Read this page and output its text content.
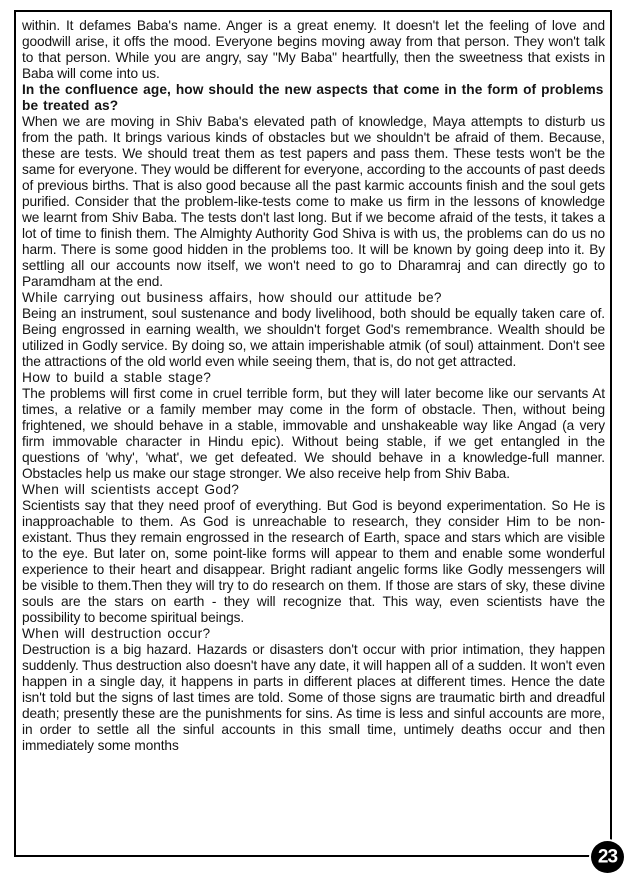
within. It defames Baba's name. Anger is a great enemy. It doesn't let the feeling of love and goodwill arise, it offs the mood. Everyone begins moving away from that person. They won't talk to that person. While you are angry, say "My Baba" heartfully, then the sweetness that exists in Baba will come into us.

In the confluence age, how should the new aspects that come in the form of problems be treated as?

When we are moving in Shiv Baba's elevated path of knowledge, Maya attempts to disturb us from the path. It brings various kinds of obstacles but we shouldn't be afraid of them. Because, these are tests. We should treat them as test papers and pass them. These tests won't be the same for everyone. They would be different for everyone, according to the accounts of past deeds of previous births. That is also good because all the past karmic accounts finish and the soul gets purified. Consider that the problem-like-tests come to make us firm in the lessons of knowledge we learnt from Shiv Baba. The tests don't last long. But if we become afraid of the tests, it takes a lot of time to finish them. The Almighty Authority God Shiva is with us, the problems can do us no harm. There is some good hidden in the problems too. It will be known by going deep into it. By settling all our accounts now itself, we won't need to go to Dharamraj and can directly go to Paramdham at the end.

While carrying out business affairs, how should our attitude be?

Being an instrument, soul sustenance and body livelihood, both should be equally taken care of. Being engrossed in earning wealth, we shouldn't forget God's remembrance. Wealth should be utilized in Godly service. By doing so, we attain imperishable atmik (of soul) attainment. Don't see the attractions of the old world even while seeing them, that is, do not get attracted.

How to build a stable stage?

The problems will first come in cruel terrible form, but they will later become like our servants At times, a relative or a family member may come in the form of obstacle. Then, without being frightened, we should behave in a stable, immovable and unshakeable way like Angad (a very firm immovable character in Hindu epic). Without being stable, if we get entangled in the questions of 'why', 'what', we get defeated. We should behave in a knowledge-full manner. Obstacles help us make our stage stronger. We also receive help from Shiv Baba.

When will scientists accept God?

Scientists say that they need proof of everything. But God is beyond experimentation. So He is inapproachable to them. As God is unreachable to research, they consider Him to be non-existant. Thus they remain engrossed in the research of Earth, space and stars which are visible to the eye. But later on, some point-like forms will appear to them and enable some wonderful experience to their heart and disappear. Bright radiant angelic forms like Godly messengers will be visible to them.Then they will try to do research on them. If those are stars of sky, these divine souls are the stars on earth - they will recognize that. This way, even scientists have the possibility to become spiritual beings.

When will destruction occur?

Destruction is a big hazard. Hazards or disasters don't occur with prior intimation, they happen suddenly. Thus destruction also doesn't have any date, it will happen all of a sudden. It won't even happen in a single day, it happens in parts in different places at different times. Hence the date isn't told but the signs of last times are told. Some of those signs are traumatic birth and dreadful death; presently these are the punishments for sins. As time is less and sinful accounts are more, in order to settle all the sinful accounts in this small time, untimely deaths occur and then immediately some months

23
